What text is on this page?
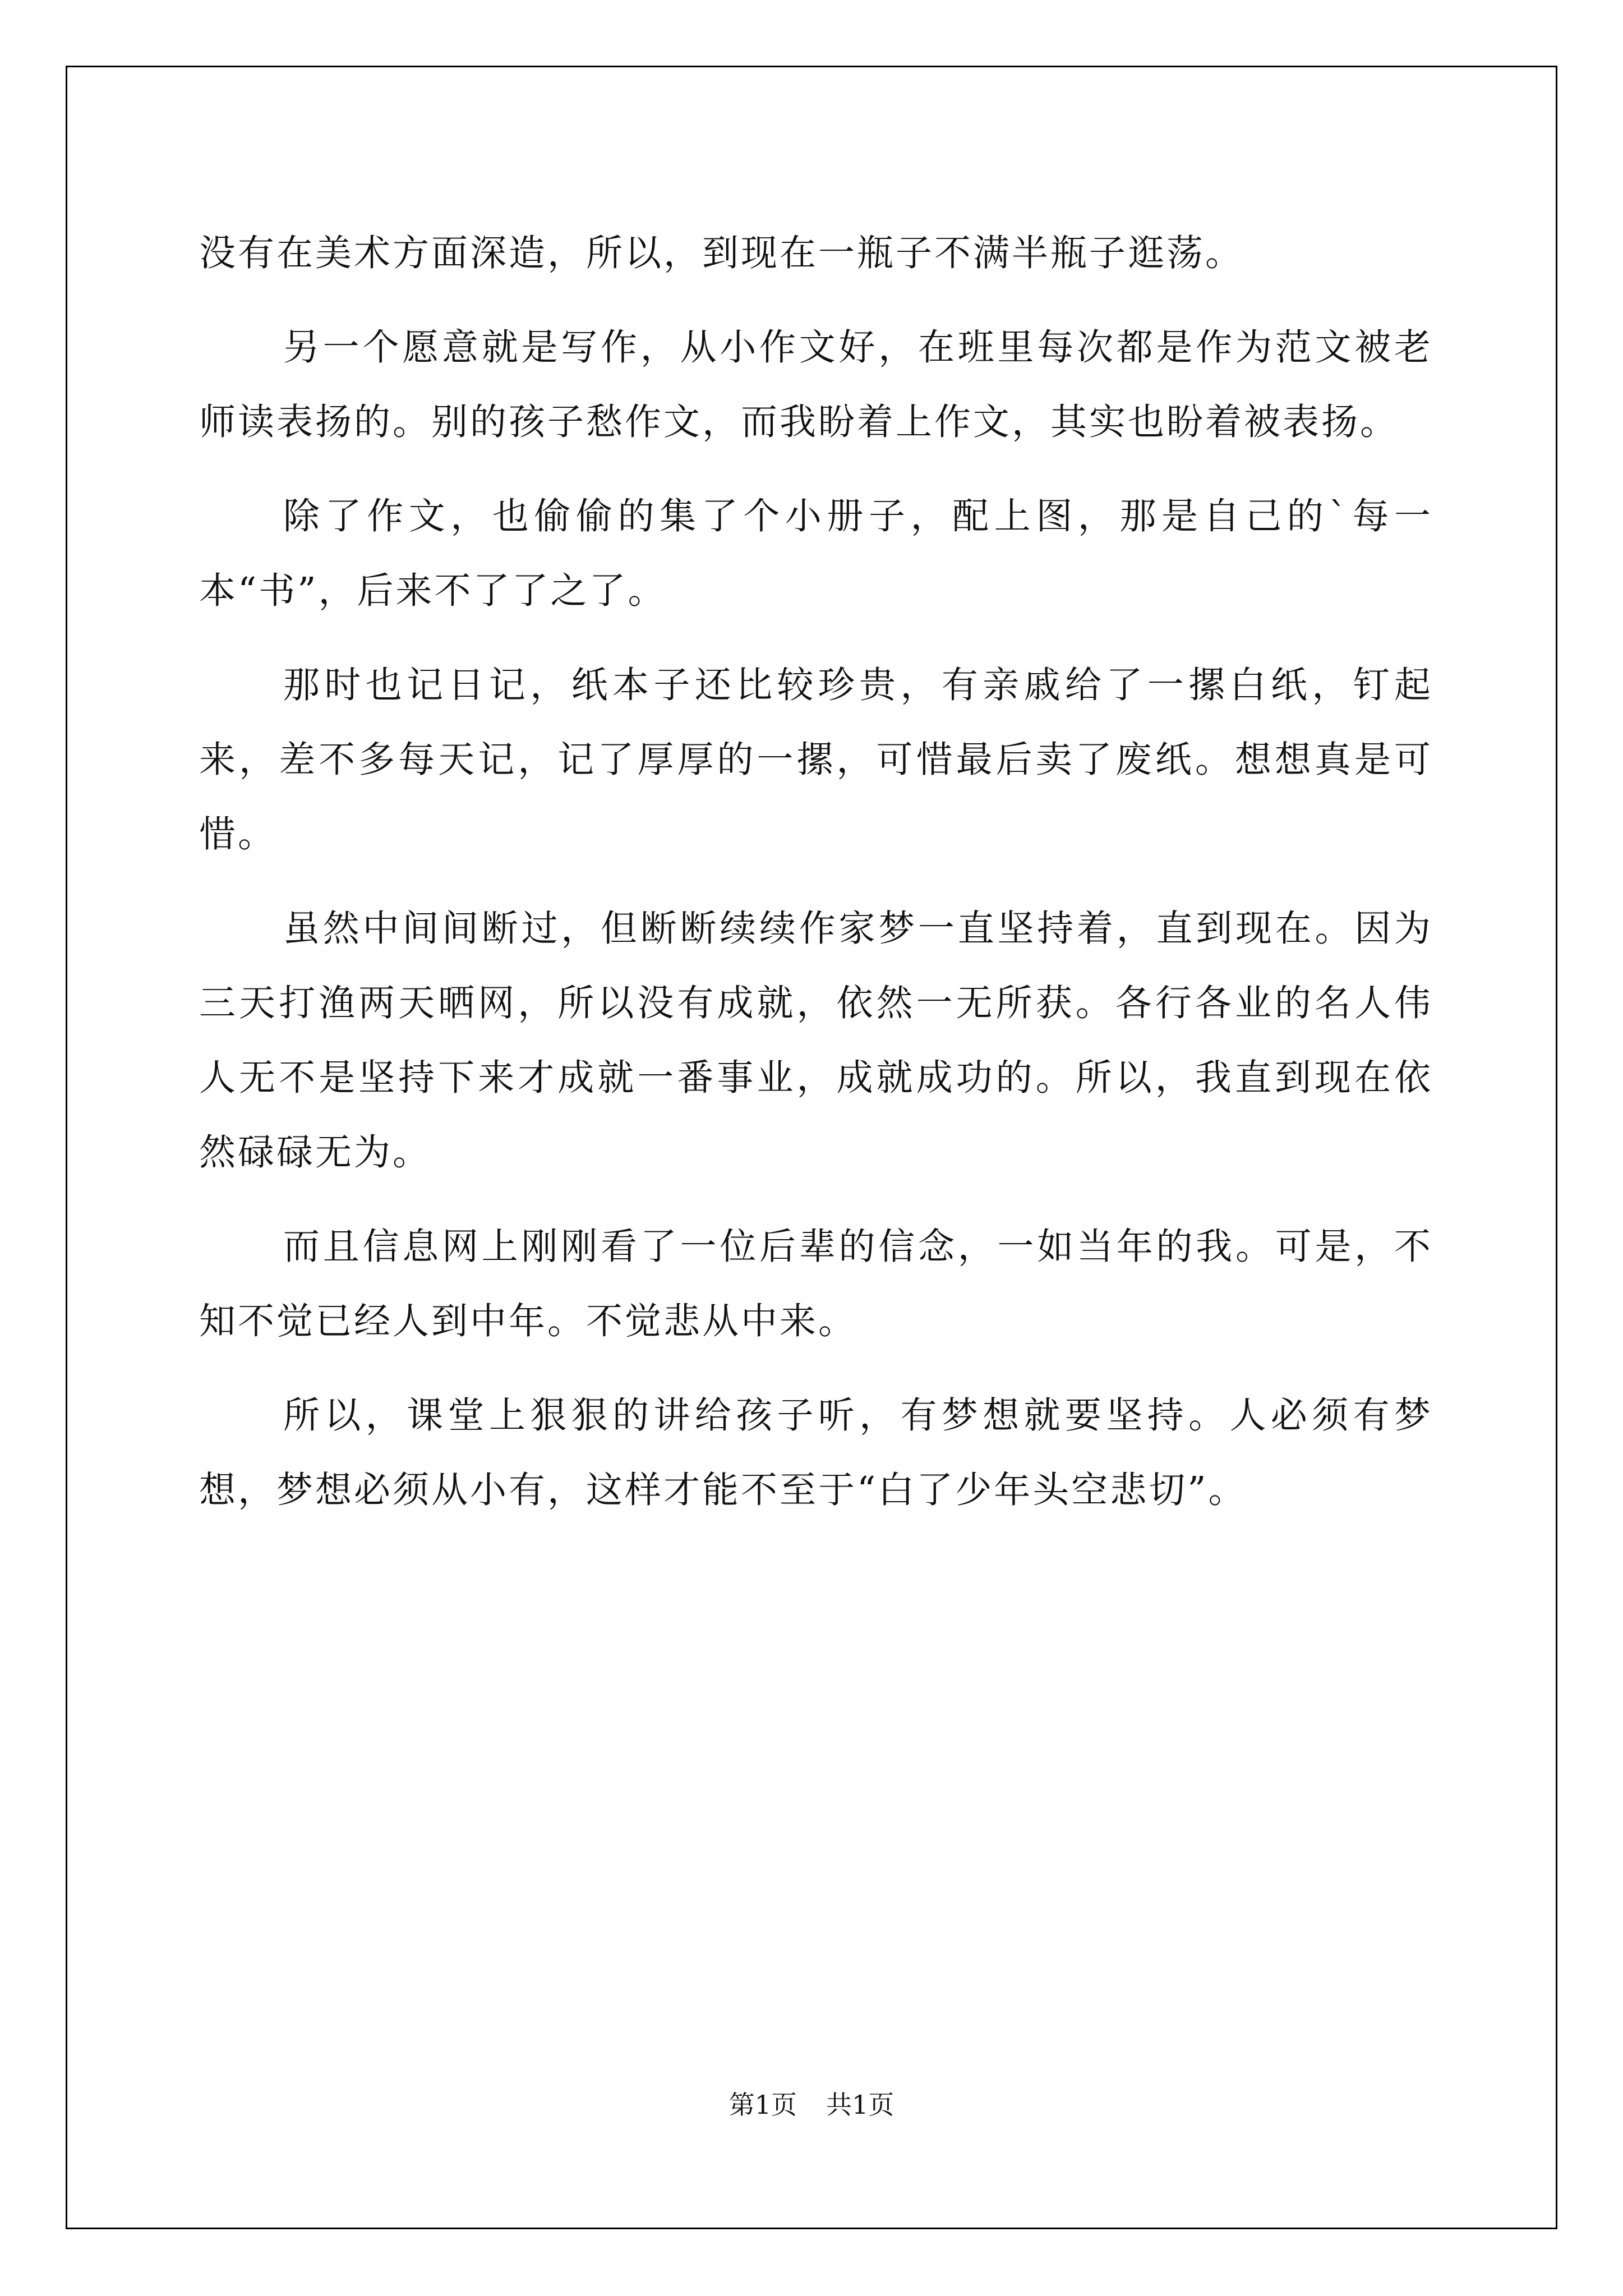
没有在美术方面深造，所以，到现在一瓶子不满半瓶子逛荡。

另一个愿意就是写作，从小作文好，在班里每次都是作为范文被老师读表扬的。别的孩子愁作文，而我盼着上作文，其实也盼着被表扬。

除了作文，也偷偷的集了个小册子，配上图，那是自己的`每一本“书”，后来不了了之了。

那时也记日记，纸本子还比较珍贵，有亲戚给了一摞白纸，钉起来，差不多每天记，记了厚厚的一摞，可惜最后卖了废纸。想想真是可惜。

虽然中间间断过，但断断续续作家梦一直坚持着，直到现在。因为三天打渔两天晒网，所以没有成就，依然一无所获。各行各业的名人伟人无不是坚持下来才成就一番事业，成就成功的。所以，我直到现在依然碌碌无为。

而且信息网上刚刚看了一位后辈的信念，一如当年的我。可是，不知不觉已经人到中年。不觉悲从中来。

所以，课堂上狠狠的讲给孩子听，有梦想就要坚持。人必须有梦想，梦想必须从小有，这样才能不至于“白了少年头空悲切”。

第1页 共1页
